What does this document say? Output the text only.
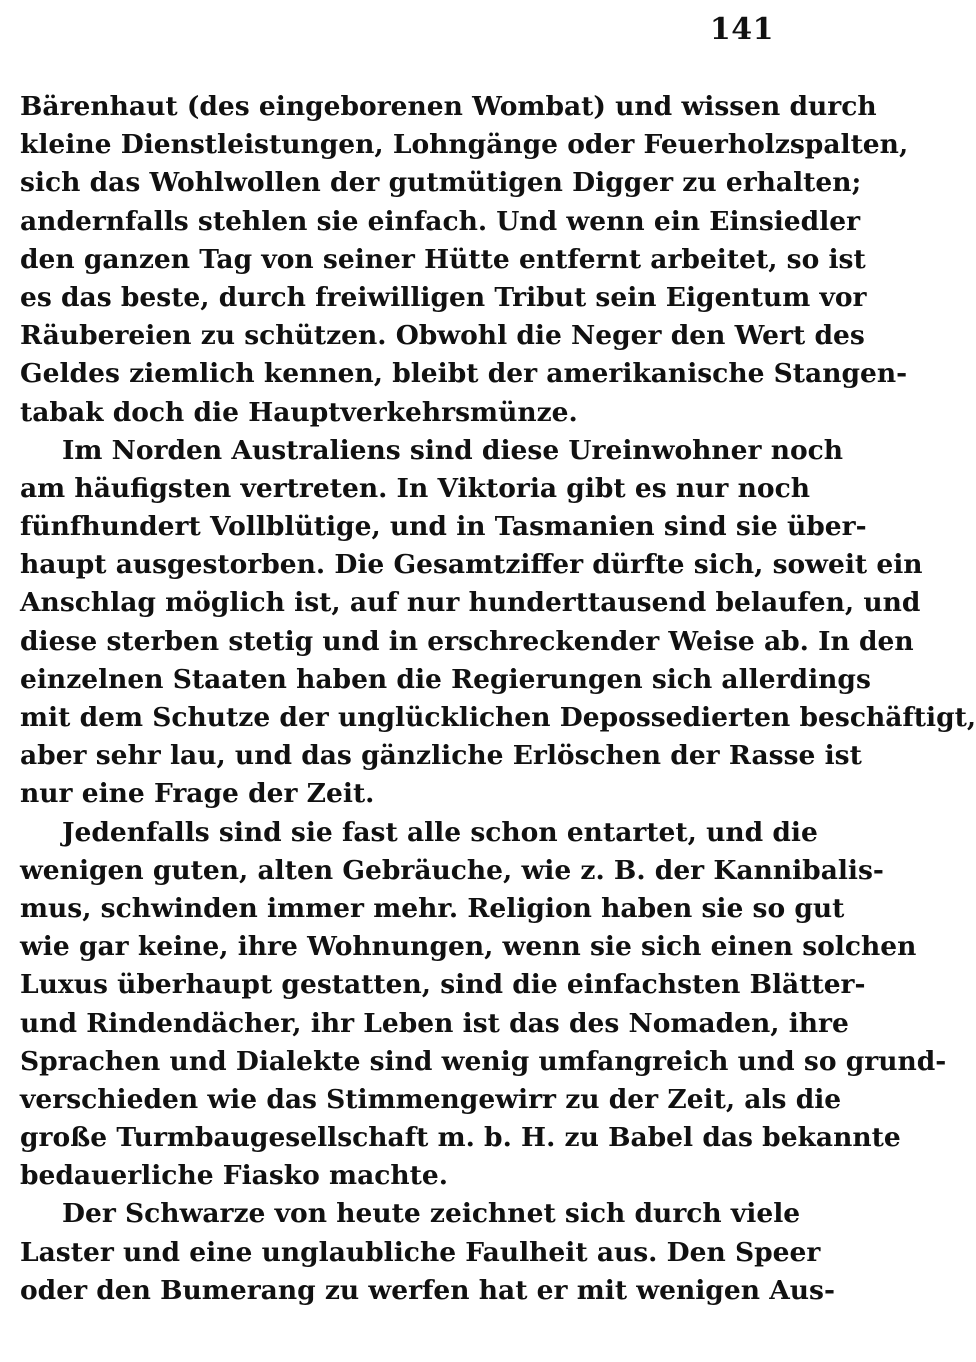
141
Bärenhaut (des eingeborenen Wombat) und wissen durch
kleine Dienstleistungen, Lohngänge oder Feuerholzspalten,
sich das Wohlwollen der gutmütigen Digger zu erhalten;
andernfalls stehlen sie einfach. Und wenn ein Einsiedler
den ganzen Tag von seiner Hütte entfernt arbeitet, so ist
es das beste, durch freiwilligen Tribut sein Eigentum vor
Räubereien zu schützen. Obwohl die Neger den Wert des
Geldes ziemlich kennen, bleibt der amerikanische Stangen-
tabak doch die Hauptverkehrsmünze.
Im Norden Australiens sind diese Ureinwohner noch
am häufigsten vertreten. In Viktoria gibt es nur noch
fünfhundert Vollblütige, und in Tasmanien sind sie über-
haupt ausgestorben. Die Gesamtziffer dürfte sich, soweit ein
Anschlag möglich ist, auf nur hunderttausend belaufen, und
diese sterben stetig und in erschreckender Weise ab. In den
einzelnen Staaten haben die Regierungen sich allerdings
mit dem Schutze der unglücklichen Depossedierten beschäftigt,
aber sehr lau, und das gänzliche Erlöschen der Rasse ist
nur eine Frage der Zeit.
Jedenfalls sind sie fast alle schon entartet, und die
wenigen guten, alten Gebräuche, wie z. B. der Kannibalis-
mus, schwinden immer mehr. Religion haben sie so gut
wie gar keine, ihre Wohnungen, wenn sie sich einen solchen
Luxus überhaupt gestatten, sind die einfachsten Blätter-
und Rindendächer, ihr Leben ist das des Nomaden, ihre
Sprachen und Dialekte sind wenig umfangreich und so grund-
verschieden wie das Stimmengewirr zu der Zeit, als die
große Turmbaugesellschaft m. b. H. zu Babel das bekannte
bedauerliche Fiasko machte.
Der Schwarze von heute zeichnet sich durch viele
Laster und eine unglaubliche Faulheit aus. Den Speer
oder den Bumerang zu werfen hat er mit wenigen Aus-
